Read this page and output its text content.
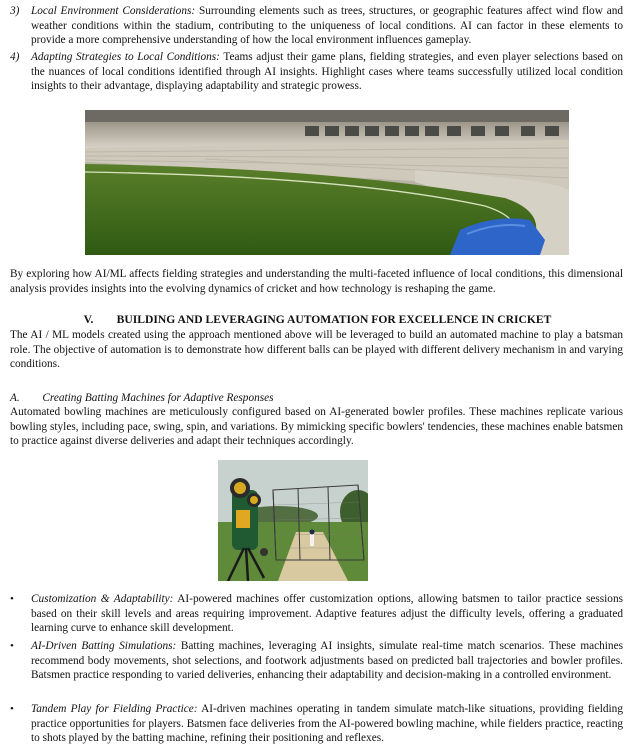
3)	Local Environment Considerations: Surrounding elements such as trees, structures, or geographic features affect wind flow and weather conditions within the stadium, contributing to the uniqueness of local conditions. AI can factor in these elements to provide a more comprehensive understanding of how the local environment influences gameplay.
4)	Adapting Strategies to Local Conditions: Teams adjust their game plans, fielding strategies, and even player selections based on the nuances of local conditions identified through AI insights. Highlight cases where teams successfully utilized local condition insights to their advantage, displaying adaptability and strategic prowess.

By exploring how AI/ML affects fielding strategies and understanding the multi-faceted influence of local conditions, this dimensional analysis provides insights into the evolving dynamics of cricket and how technology is reshaping the game.

V.  BUILDING AND LEVERAGING AUTOMATION FOR EXCELLENCE IN CRICKET

The AI / ML models created using the approach mentioned above will be leveraged to build an automated machine to play a batsman role. The objective of automation is to demonstrate how different balls can be played with different delivery mechanism in and varying conditions.

A.  Creating Batting Machines for Adaptive Responses

Automated bowling machines are meticulously configured based on AI-generated bowler profiles. These machines replicate various bowling styles, including pace, swing, spin, and variations. By mimicking specific bowlers' tendencies, these machines enable batsmen to practice against diverse deliveries and adapt their techniques accordingly.

•	Customization & Adaptability: AI-powered machines offer customization options, allowing batsmen to tailor practice sessions based on their skill levels and areas requiring improvement. Adaptive features adjust the difficulty levels, offering a graduated learning curve to enhance skill development.
•	AI-Driven Batting Simulations: Batting machines, leveraging AI insights, simulate real-time match scenarios. These machines recommend body movements, shot selections, and footwork adjustments based on predicted ball trajectories and bowler profiles. Batsmen practice responding to varied deliveries, enhancing their adaptability and decision-making in a controlled environment.
•	Tandem Play for Fielding Practice: AI-driven machines operating in tandem simulate match-like situations, providing fielding practice opportunities for players. Batsmen face deliveries from the AI-powered bowling machine, while fielders practice, reacting to shots played by the batting machine, refining their positioning and reflexes.
